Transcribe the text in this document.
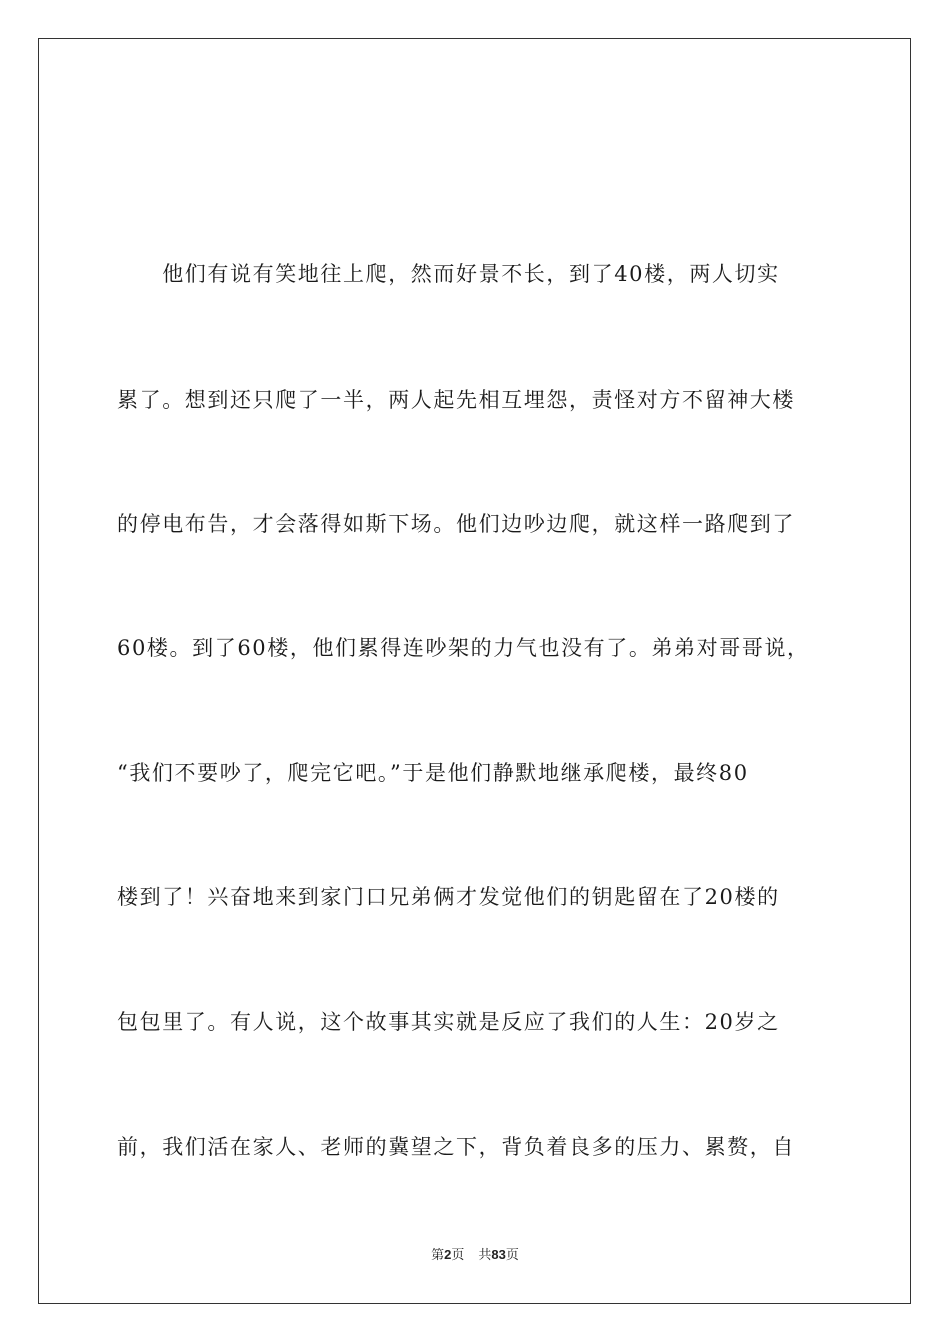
　　他们有说有笑地往上爬，然而好景不长，到了40楼，两人切实

累了。想到还只爬了一半，两人起先相互埋怨，责怪对方不留神大楼

的停电布告，才会落得如斯下场。他们边吵边爬，就这样一路爬到了

60楼。到了60楼，他们累得连吵架的力气也没有了。弟弟对哥哥说，

“我们不要吵了，爬完它吧。”于是他们静默地继承爬楼，最终80

楼到了！兴奋地来到家门口兄弟俩才发觉他们的钥匙留在了20楼的

包包里了。有人说，这个故事其实就是反应了我们的人生：20岁之

前，我们活在家人、老师的冀望之下，背负着良多的压力、累赘，自

第2页 共83页
